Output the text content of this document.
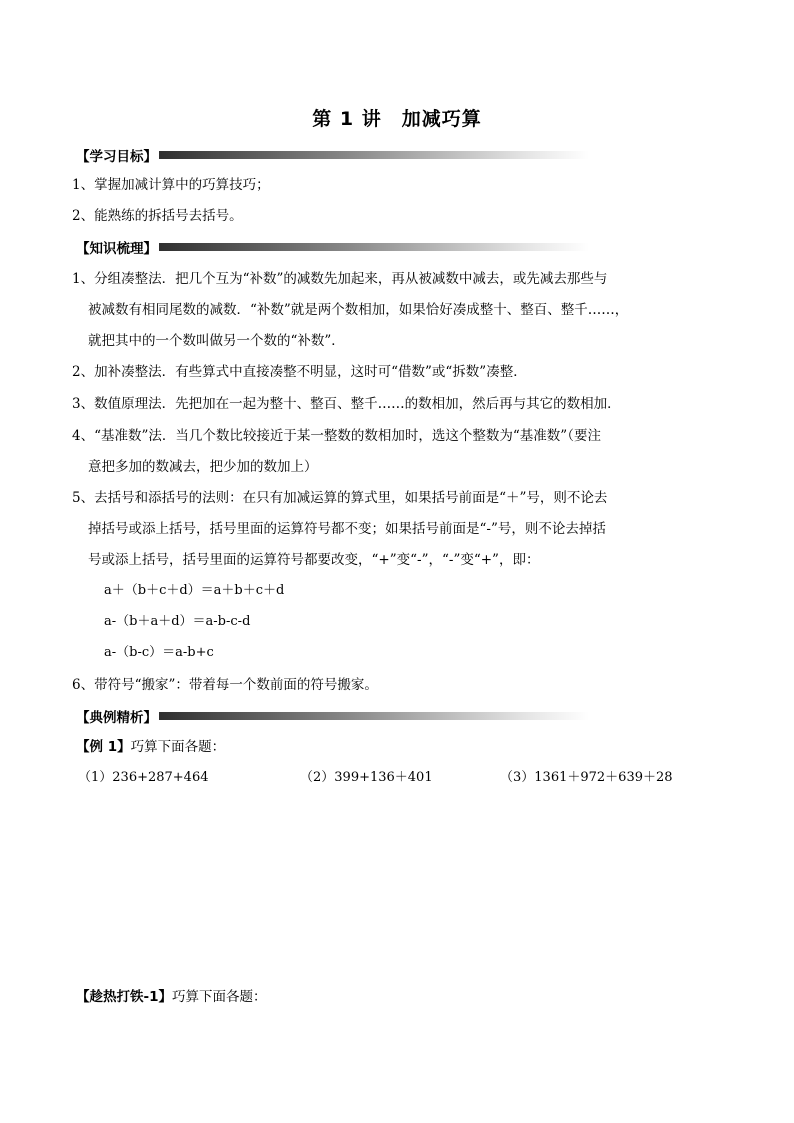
第 1 讲　加减巧算
【学习目标】
1、掌握加减计算中的巧算技巧；
2、能熟练的拆括号去括号。
【知识梳理】
1、分组凑整法．把几个互为“补数”的减数先加起来，再从被减数中减去，或先减去那些与
被减数有相同尾数的减数．“补数”就是两个数相加，如果恰好凑成整十、整百、整千……，
就把其中的一个数叫做另一个数的“补数”．
2、加补凑整法．有些算式中直接凑整不明显，这时可“借数”或“拆数”凑整．
3、数值原理法．先把加在一起为整十、整百、整千……的数相加，然后再与其它的数相加．
4、“基准数”法．当几个数比较接近于某一整数的数相加时，选这个整数为“基准数”（要注
意把多加的数减去，把少加的数加上）
5、去括号和添括号的法则：在只有加减运算的算式里，如果括号前面是“＋”号，则不论去
掉括号或添上括号，括号里面的运算符号都不变；如果括号前面是“-”号，则不论去掉括
号或添上括号，括号里面的运算符号都要改变，“+”变“-”，“-”变“+”，即：
a＋（b＋c＋d）＝a＋b＋c＋d
a-（b＋a＋d）＝a-b-c-d
a-（b-c）＝a-b+c
6、带符号“搬家”：带着每一个数前面的符号搬家。
【典例精析】
【例 1】巧算下面各题：
（1）236+287+464	（2）399+136＋401	（3）1361＋972＋639＋28
【趁热打铁-1】巧算下面各题：
